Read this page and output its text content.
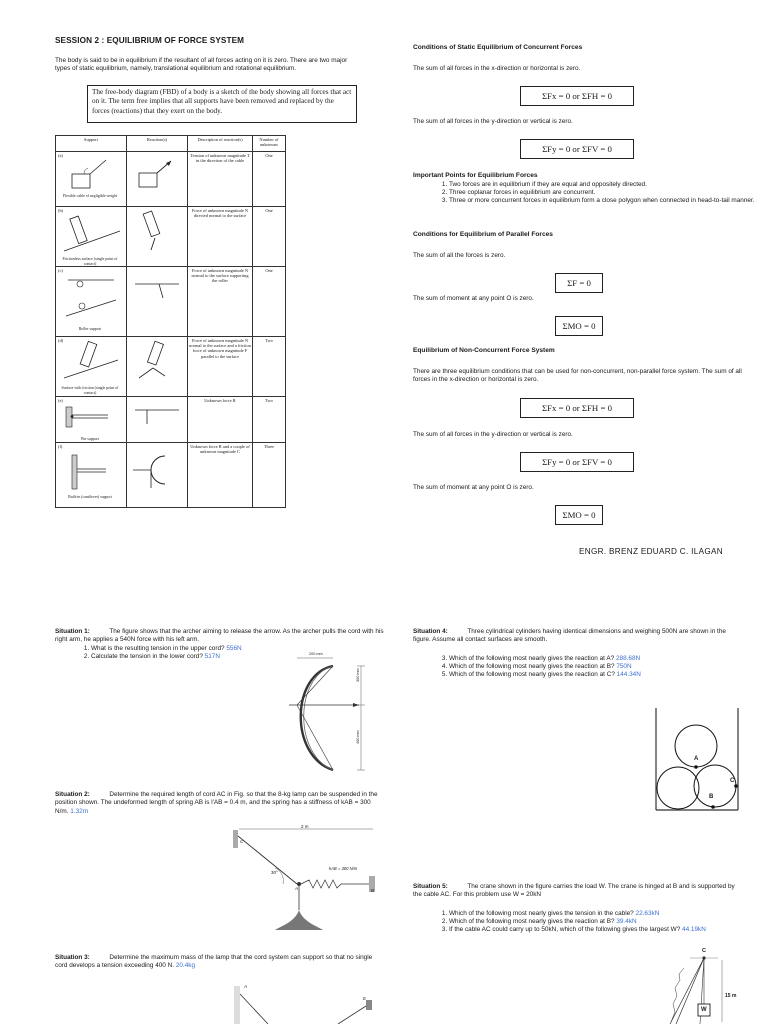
SESSION 2 : EQUILIBRIUM OF FORCE SYSTEM

The body is said to be in equilibrium if the resultant of all forces acting on it is zero. There are two major types of static equilibrium, namely, translational equilibrium and rotational equilibrium.

The free-body diagram (FBD) of a body is a sketch of the body showing all forces that act on it. The term free implies that all supports have been removed and replaced by the forces (reactions) that they exert on the body.
Support	Reaction(s)	Description of reaction(s)	Number of unknowns

(a)
Flexible cable of negligible weight		Tension of unknown magnitude T in the direction of the cable	One

(b)
Frictionless surface (single point of contact)		Force of unknown magnitude N directed normal to the surface	One

(c)
Roller support		Force of unknown magnitude N normal to the surface supporting the roller	One

(d)
Surface with friction (single point of contact)		Force of unknown magnitude N normal to the surface and a friction force of unknown magnitude F parallel to the surface	Two

(e)
Pin support		Unknown force R	Two

(f)
Built-in (cantilever) support		Unknown force R and a couple of unknown magnitude C	Three
Conditions of Static Equilibrium of Concurrent Forces

The sum of all forces in the x-direction or horizontal is zero.

ΣFx = 0 or ΣFH = 0

The sum of all forces in the y-direction or vertical is zero.

ΣFy = 0 or ΣFV = 0
Important Points for Equilibrium Forces
1. Two forces are in equilibrium if they are equal and oppositely directed.
2. Three coplanar forces in equilibrium are concurrent.
3. Three or more concurrent forces in equilibrium form a close polygon when connected in head-to-tail manner.
Conditions for Equilibrium of Parallel Forces

The sum of all the forces is zero.

ΣF = 0

The sum of moment at any point O is zero.

ΣMO = 0
Equilibrium of Non-Concurrent Force System

There are three equilibrium conditions that can be used for non-concurrent, non-parallel force system. The sum of all forces in the x-direction or horizontal is zero.

ΣFx = 0 or ΣFH = 0

The sum of all forces in the y-direction or vertical is zero.

ΣFy = 0 or ΣFV = 0

The sum of moment at any point O is zero.

ΣMO = 0
ENGR. BRENZ EDUARD C. ILAGAN

Situation 1:	The figure shows that the archer aiming to release the arrow. As the archer pulls the cord with his right arm, he applies a 540N force with his left arm.

1. What is the resulting tension in the upper cord? 556N
2. Calculate the tension in the lower cord? 517N	200 mm
300 mm
400 mm

Situation 2:	Determine the required length of cord AC in Fig. so that the 8-kg lamp can be suspended in the position shown. The undeformed length of spring AB is l'AB = 0.4 m, and the spring has a stiffness of kAB = 300 N/m. 1.32m

2 m
C
30°
A
kAB = 300 N/m
B

Situation 3:	Determine the maximum mass of the lamp that the cord system can support so that no single cord develops a tension exceeding 400 N. 20.4kg

A
E

Situation 4:	Three cylindrical cylinders having identical dimensions and weighing 500N are shown in the figure. Assume all contact surfaces are smooth.

3. Which of the following most nearly gives the reaction at A? 288.68N
4. Which of the following most nearly gives the reaction at B? 750N
5. Which of the following most nearly gives the reaction at C? 144.34N
A
B
C

Situation 5:	The crane shown in the figure carries the load W. The crane is hinged at B and is supported by the cable AC. For this problem use W = 20kN

1. Which of the following most nearly gives the tension in the cable? 22.63kN
2. Which of the following most nearly gives the reaction at B? 39.4kN
3. If the cable AC could carry up to 50kN, which of the following gives the largest W? 44.19kN
C
W
15 m
